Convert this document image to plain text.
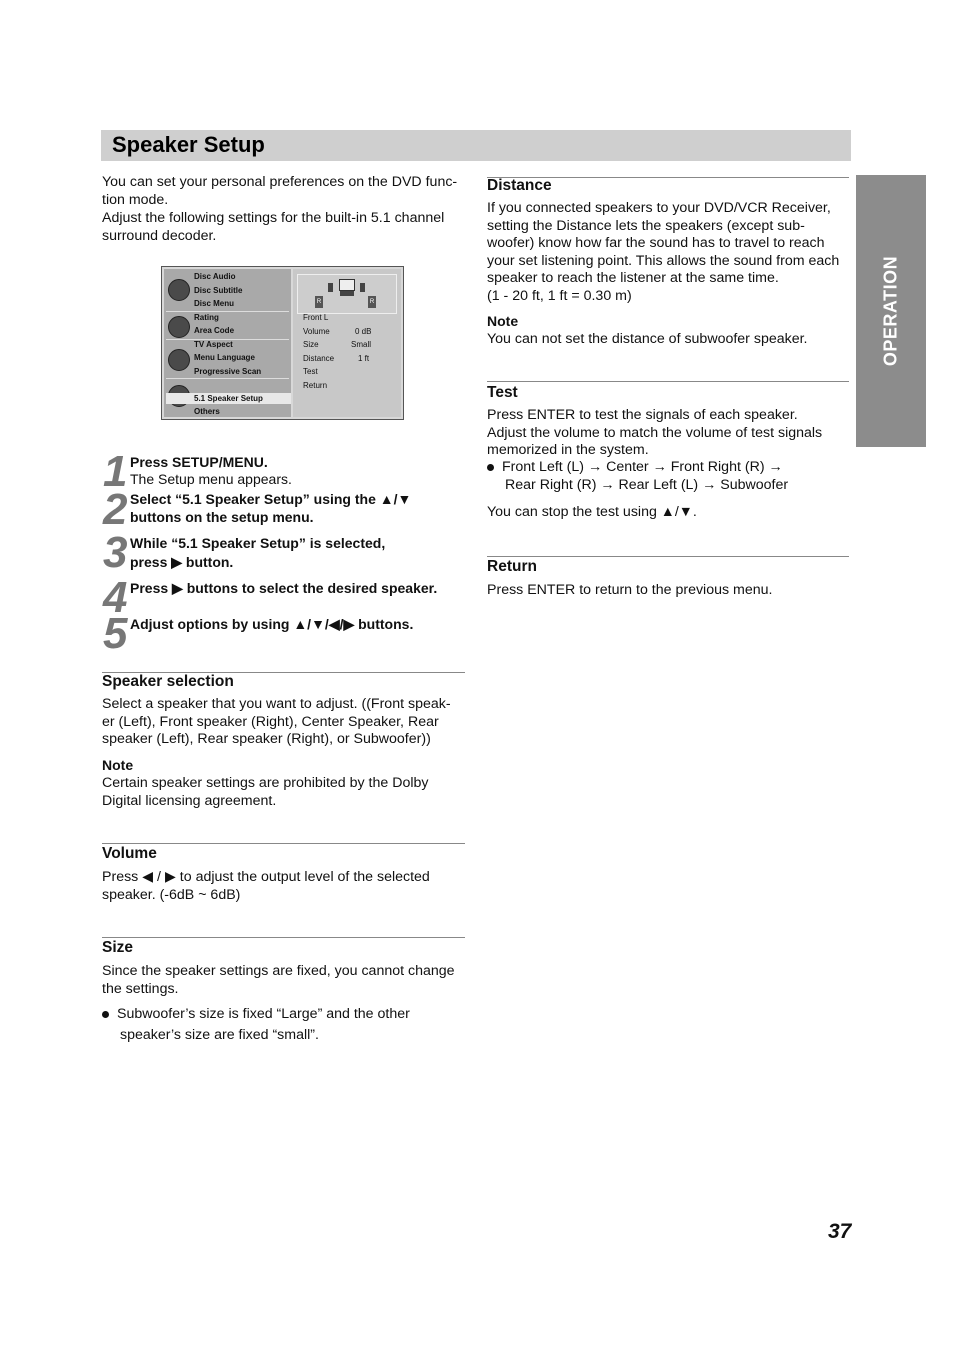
Speaker Setup
OPERATION

You can set your personal preferences on the DVD func-

tion mode.

Adjust the following settings for the built-in 5.1 channel

surround decoder.

Disc Audio
Disc Subtitle
Disc Menu
Rating
Area Code
TV Aspect
Menu Language
Progressive Scan
5.1 Speaker Setup
Others
R	R
Front L
Volume	0 dB
Size	Small
Distance	1 ft
Test
Return
1 Press SETUP/MENU.
The Setup menu appears.
2 Select “5.1 Speaker Setup” using the ▲/▼
buttons on the setup menu.
3 While “5.1 Speaker Setup” is selected,
press ▶ button.
4 Press ▶ buttons to select the desired speaker.
5 Adjust options by using ▲/▼/◀/▶ buttons.
Speaker selection

Select a speaker that you want to adjust. ((Front speak-

er (Left), Front speaker (Right), Center Speaker, Rear

speaker (Left), Rear speaker (Right), or Subwoofer))

Note

Certain speaker settings are prohibited by the Dolby

Digital licensing agreement.

Volume

Press ◀ / ▶ to adjust the output level of the selected

speaker. (-6dB ~ 6dB)

Size

Since the speaker settings are fixed, you cannot change

the settings.

Subwoofer’s size is fixed “Large” and the other

speaker’s size are fixed “small”.

Distance

If you connected speakers to your DVD/VCR Receiver,

setting the Distance lets the speakers (except sub-

woofer) know how far the sound has to travel to reach

your set listening point. This allows the sound from each

speaker to reach the listener at the same time.

(1 - 20 ft, 1 ft = 0.30 m)

Note

You can not set the distance of subwoofer speaker.

Test

Press ENTER to test the signals of each speaker.

Adjust the volume to match the volume of test signals

memorized in the system.

Front Left (L) → Center → Front Right (R) →

Rear Right (R) → Rear Left (L) → Subwoofer

You can stop the test using ▲/▼.
Return
Press ENTER to return to the previous menu.
37
